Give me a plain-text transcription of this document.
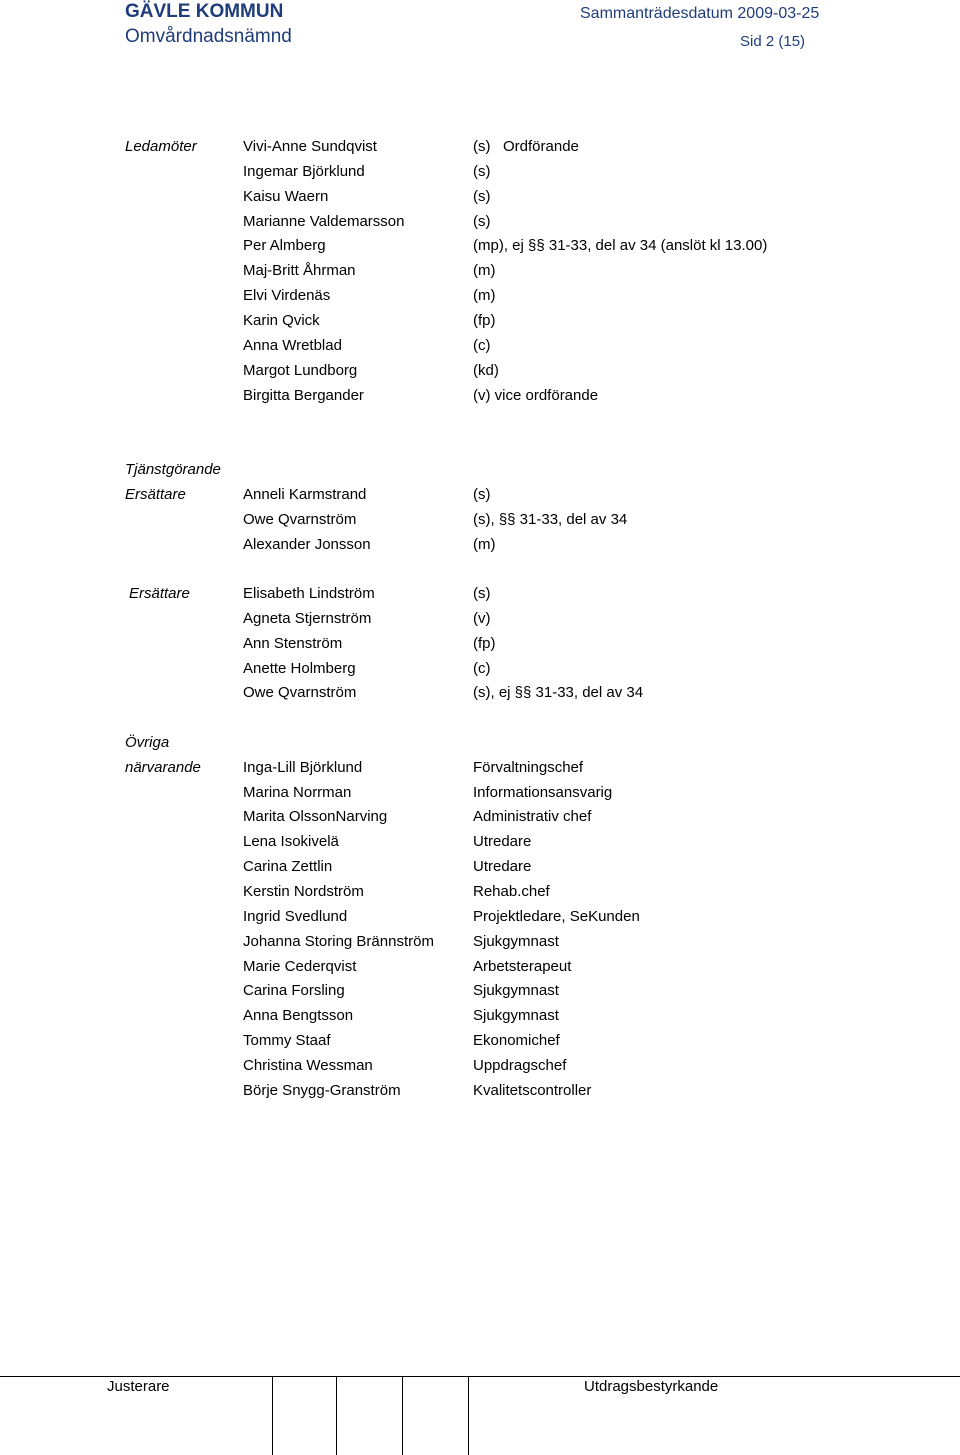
GÄVLE KOMMUN
Omvårdnadsnämnd
Sammanträdesdatum 2009-03-25
Sid 2 (15)
Ledamöter	Vivi-Anne Sundqvist	(s) Ordförande
Ingemar Björklund	(s)
Kaisu Waern	(s)
Marianne Valdemarsson	(s)
Per Almberg	(mp), ej §§ 31-33, del av 34 (anslöt kl 13.00)
Maj-Britt Åhrman	(m)
Elvi Virdenäs	(m)
Karin Qvick	(fp)
Anna Wretblad	(c)
Margot Lundborg	(kd)
Birgitta Bergander	(v) vice ordförande
Tjänstgörande
Ersättare	Anneli Karmstrand	(s)
Owe Qvarnström	(s), §§ 31-33, del av 34
Alexander Jonsson	(m)
Ersättare	Elisabeth Lindström	(s)
Agneta Stjernström	(v)
Ann Stenström	(fp)
Anette Holmberg	(c)
Owe Qvarnström	(s), ej §§ 31-33, del av 34
Övriga
närvarande	Inga-Lill Björklund	Förvaltningschef
Marina Norrman	Informationsansvarig
Marita OlssonNarving	Administrativ chef
Lena Isokivelä	Utredare
Carina Zettlin	Utredare
Kerstin Nordström	Rehab.chef
Ingrid Svedlund	Projektledare, SeKunden
Johanna Storing Brännström	Sjukgymnast
Marie Cederqvist	Arbetsterapeut
Carina Forsling	Sjukgymnast
Anna Bengtsson	Sjukgymnast
Tommy Staaf	Ekonomichef
Christina Wessman	Uppdragschef
Börje Snygg-Granström	Kvalitetscontroller
Justerare	Utdragsbestyrkande
